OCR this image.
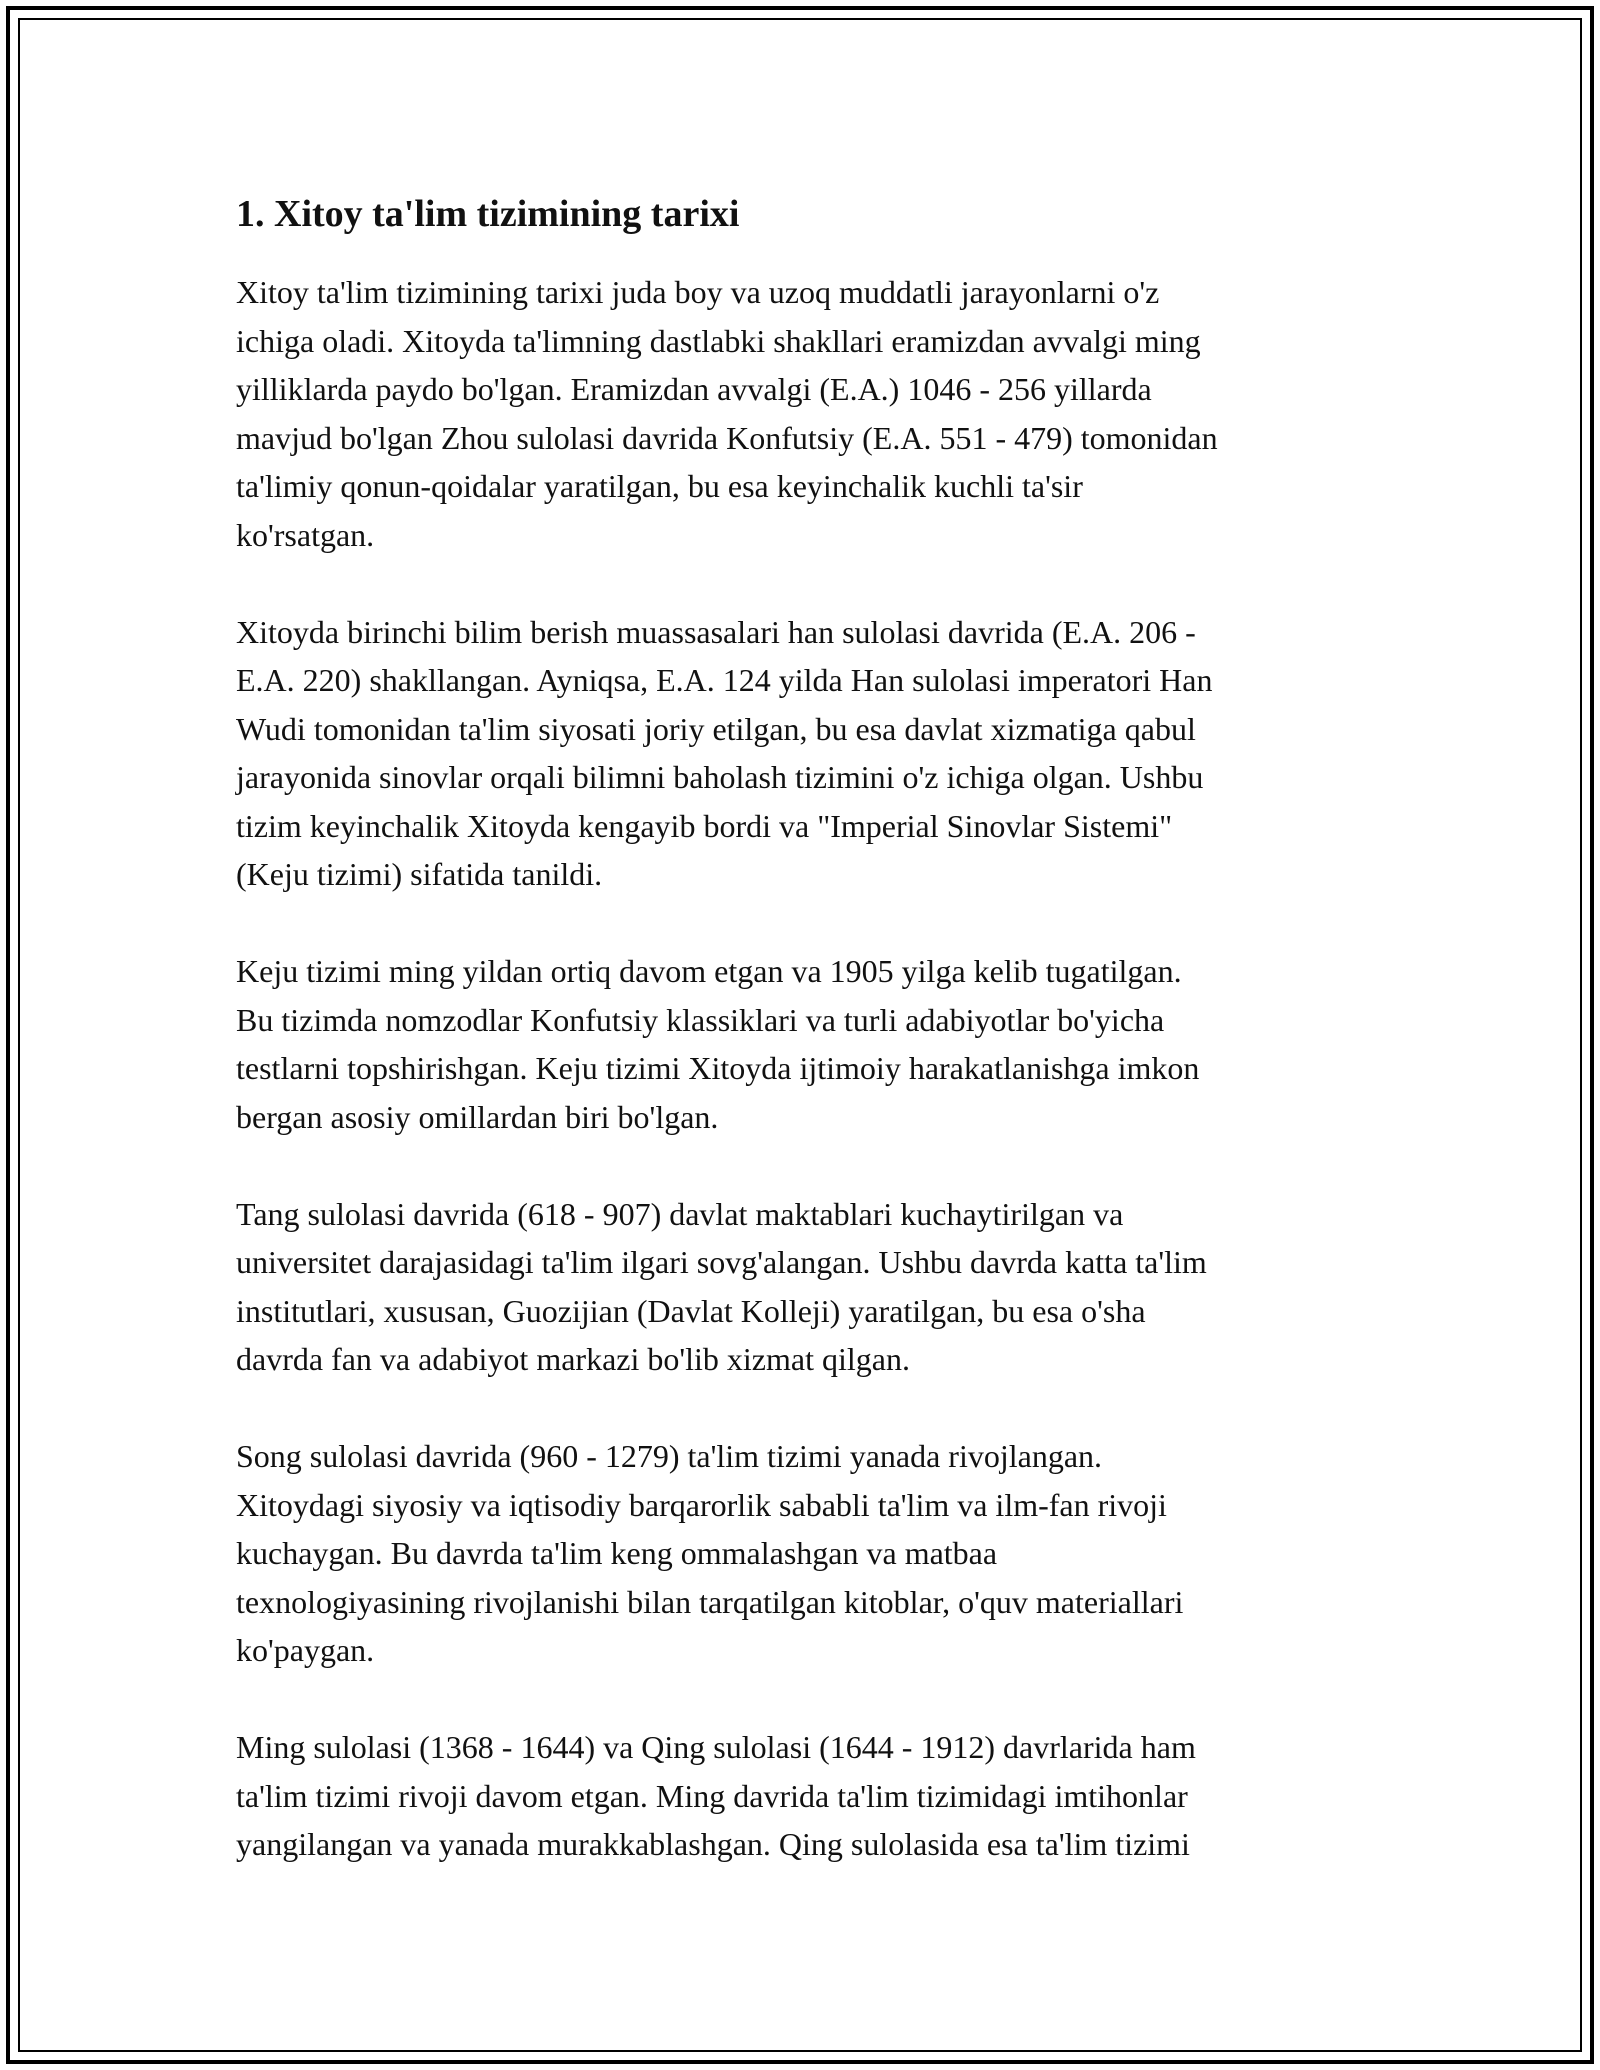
1. Xitoy ta'lim tizimining tarixi

Xitoy ta'lim tizimining tarixi juda boy va uzoq muddatli jarayonlarni o'z
ichiga oladi. Xitoyda ta'limning dastlabki shakllari eramizdan avvalgi ming
yilliklarda paydo bo'lgan. Eramizdan avvalgi (E.A.) 1046 - 256 yillarda
mavjud bo'lgan Zhou sulolasi davrida Konfutsiy (E.A. 551 - 479) tomonidan
ta'limiy qonun-qoidalar yaratilgan, bu esa keyinchalik kuchli ta'sir
ko'rsatgan.

Xitoyda birinchi bilim berish muassasalari han sulolasi davrida (E.A. 206 -
E.A. 220) shakllangan. Ayniqsa, E.A. 124 yilda Han sulolasi imperatori Han
Wudi tomonidan ta'lim siyosati joriy etilgan, bu esa davlat xizmatiga qabul
jarayonida sinovlar orqali bilimni baholash tizimini o'z ichiga olgan. Ushbu
tizim keyinchalik Xitoyda kengayib bordi va "Imperial Sinovlar Sistemi"
(Keju tizimi) sifatida tanildi.

Keju tizimi ming yildan ortiq davom etgan va 1905 yilga kelib tugatilgan.
Bu tizimda nomzodlar Konfutsiy klassiklari va turli adabiyotlar bo'yicha
testlarni topshirishgan. Keju tizimi Xitoyda ijtimoiy harakatlanishga imkon
bergan asosiy omillardan biri bo'lgan.

Tang sulolasi davrida (618 - 907) davlat maktablari kuchaytirilgan va
universitet darajasidagi ta'lim ilgari sovg'alangan. Ushbu davrda katta ta'lim
institutlari, xususan, Guozijian (Davlat Kolleji) yaratilgan, bu esa o'sha
davrda fan va adabiyot markazi bo'lib xizmat qilgan.

Song sulolasi davrida (960 - 1279) ta'lim tizimi yanada rivojlangan.
Xitoydagi siyosiy va iqtisodiy barqarorlik sababli ta'lim va ilm-fan rivoji
kuchaygan. Bu davrda ta'lim keng ommalashgan va matbaa
texnologiyasining rivojlanishi bilan tarqatilgan kitoblar, o'quv materiallari
ko'paygan.

Ming sulolasi (1368 - 1644) va Qing sulolasi (1644 - 1912) davrlarida ham
ta'lim tizimi rivoji davom etgan. Ming davrida ta'lim tizimidagi imtihonlar
yangilangan va yanada murakkablashgan. Qing sulolasida esa ta'lim tizimi
